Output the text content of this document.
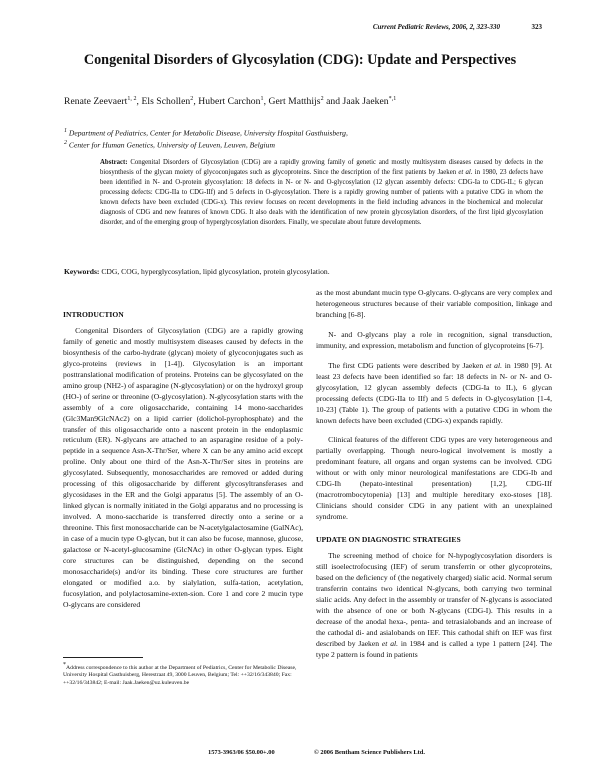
Current Pediatric Reviews, 2006, 2, 323-330	323
Congenital Disorders of Glycosylation (CDG): Update and Perspectives
Renate Zeevaert$^{1, 2}$, Els Schollen$^2$, Hubert Carchon$^1$, Gert Matthijs$^2$ and Jaak Jaeken$^{*,1}$
$^1$ Department of Pediatrics, Center for Metabolic Disease, University Hospital Gasthuisberg,
$^2$ Center for Human Genetics, University of Leuven, Leuven, Belgium
Abstract: Congenital Disorders of Glycosylation (CDG) are a rapidly growing family of genetic and mostly multisystem diseases caused by defects in the biosynthesis of the glycan moiety of glycoconjugates such as glycoproteins. Since the description of the first patients by Jaeken et al. in 1980, 23 defects have been identified in N- and O-protein glycosylation: 18 defects in N- or N- and O-glycosylation (12 glycan assembly defects: CDG-Ia to CDG-IL; 6 glycan processing defects: CDG-IIa to CDG-IIf) and 5 defects in O-glycosylation. There is a rapidly growing number of patients with a putative CDG in whom the known defects have been excluded (CDG-x). This review focuses on recent developments in the field including advances in the biochemical and molecular diagnosis of CDG and new features of known CDG. It also deals with the identification of new protein glycosylation disorders, of the first lipid glycosylation disorder, and of the emerging group of hyperglycosylation disorders. Finally, we speculate about future developments.
Keywords: CDG, COG, hyperglycosylation, lipid glycosylation, protein glycosylation.
INTRODUCTION

Congenital Disorders of Glycosylation (CDG) are a rapidly growing family of genetic and mostly multisystem diseases caused by defects in the biosynthesis of the carbo-hydrate (glycan) moiety of glycoconjugates such as glyco-proteins (reviews in [1-4]). Glycosylation is an important posttranslational modification of proteins. Proteins can be glycosylated on the amino group (NH2-) of asparagine (N-glycosylation) or on the hydroxyl group (HO-) of serine or threonine (O-glycosylation). N-glycosylation starts with the assembly of a core oligosaccharide, containing 14 mono-saccharides (Glc3Man9GlcNAc2) on a lipid carrier (dolichol-pyrophosphate) and the transfer of this oligosaccharide onto a nascent protein in the endoplasmic reticulum (ER). N-glycans are attached to an asparagine residue of a poly-peptide in a sequence Asn-X-Thr/Ser, where X can be any amino acid except proline. Only about one third of the Asn-X-Thr/Ser sites in proteins are glycosylated. Subsequently, monosaccharides are removed or added during processing of this oligosaccharide by different glycosyltransferases and glycosidases in the ER and the Golgi apparatus [5]. The assembly of an O-linked glycan is normally initiated in the Golgi apparatus and no processing is involved. A mono-saccharide is transferred directly onto a serine or a threonine. This first monosaccharide can be N-acetylgalactosamine (GalNAc), in case of a mucin type O-glycan, but it can also be fucose, mannose, glucose, galactose or N-acetyl-glucosamine (GlcNAc) in other O-glycan types. Eight core structures can be distinguished, depending on the second monosaccharide(s) and/or its binding. These core structures are further elongated or modified a.o. by sialylation, sulfa-tation, acetylation, fucosylation, and polylactosamine-exten-sion. Core 1 and core 2 mucin type O-glycans are considered

as the most abundant mucin type O-glycans. O-glycans are very complex and heterogeneous structures because of their variable composition, linkage and branching [6-8].

N- and O-glycans play a role in recognition, signal transduction, immunity, and expression, metabolism and function of glycoproteins [6-7].

The first CDG patients were described by Jaeken et al. in 1980 [9]. At least 23 defects have been identified so far: 18 defects in N- or N- and O-glycosylation, 12 glycan assembly defects (CDG-Ia to IL), 6 glycan processing defects (CDG-IIa to IIf) and 5 defects in O-glycosylation [1-4, 10-23] (Table 1). The group of patients with a putative CDG in whom the known defects have been excluded (CDG-x) expands rapidly.

Clinical features of the different CDG types are very heterogeneous and partially overlapping. Though neuro-logical involvement is mostly a predominant feature, all organs and organ systems can be involved. CDG without or with only minor neurological manifestations are CDG-Ib and CDG-Ih (hepato-intestinal presentation) [1,2], CDG-IIf (macrotrombocytopenia) [13] and multiple hereditary exo-stoses [18]. Clinicians should consider CDG in any patient with an unexplained syndrome.

UPDATE ON DIAGNOSTIC STRATEGIES

The screening method of choice for N-hypoglycosylation disorders is still isoelectrofocusing (IEF) of serum transferrin or other glycoproteins, based on the deficiency of (the negatively charged) sialic acid. Normal serum transferrin contains two identical N-glycans, both carrying two terminal sialic acids. Any defect in the assembly or transfer of N-glycans is associated with the absence of one or both N-glycans (CDG-I). This results in a decrease of the anodal hexa-, penta- and tetrasialobands and an increase of the cathodal di- and asialobands on IEF. This cathodal shift on IEF was first described by Jaeken et al. in 1984 and is called a type 1 pattern [24]. The type 2 pattern is found in patients

*Address correspondence to this author at the Department of Pediatrics, Center for Metabolic Disease, University Hospital Gasthuisberg, Herestraat 49, 3000 Leuven, Belgium; Tel: ++32/16/343840; Fax: ++32/16/343842; E-mail: Jaak.Jaeken@uz.kuleuven.be
1573-3963/06 $50.00+.00	© 2006 Bentham Science Publishers Ltd.
